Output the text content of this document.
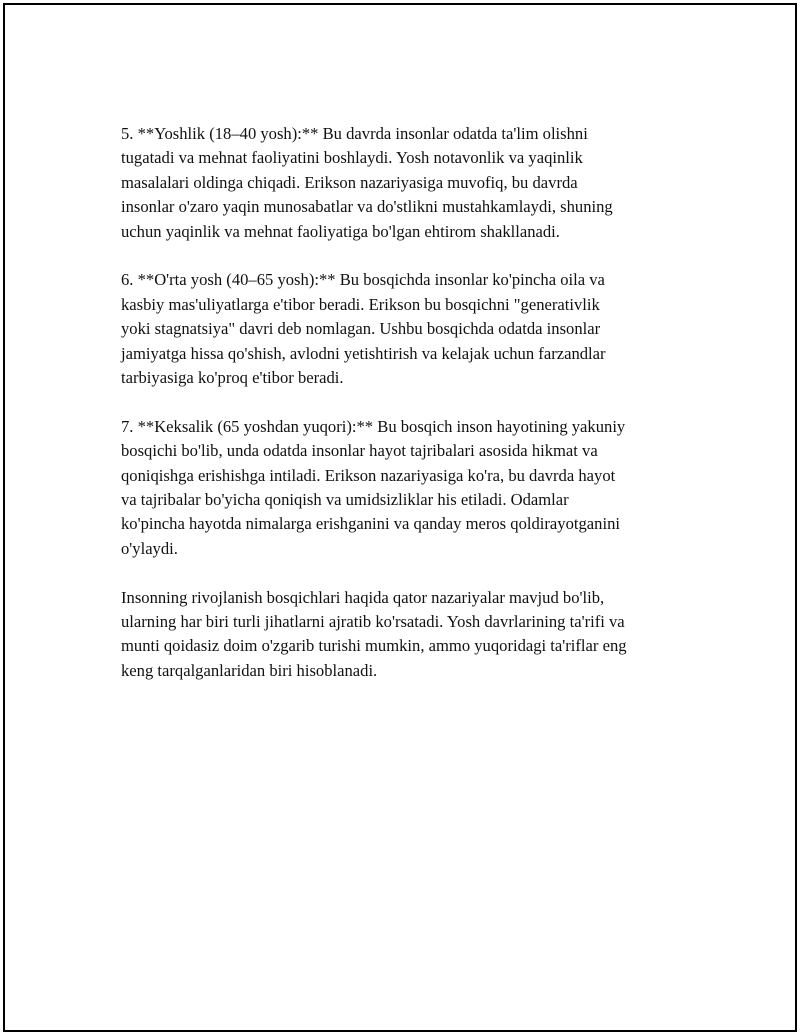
5. **Yoshlik (18–40 yosh):** Bu davrda insonlar odatda ta'lim olishni
tugatadi va mehnat faoliyatini boshlaydi. Yosh notavonlik va yaqinlik
masalalari oldinga chiqadi. Erikson nazariyasiga muvofiq, bu davrda
insonlar o'zaro yaqin munosabatlar va do'stlikni mustahkamlaydi, shuning
uchun yaqinlik va mehnat faoliyatiga bo'lgan ehtirom shakllanadi.

6. **O'rta yosh (40–65 yosh):** Bu bosqichda insonlar ko'pincha oila va
kasbiy mas'uliyatlarga e'tibor beradi. Erikson bu bosqichni "generativlik
yoki stagnatsiya" davri deb nomlagan. Ushbu bosqichda odatda insonlar
jamiyatga hissa qo'shish, avlodni yetishtirish va kelajak uchun farzandlar
tarbiyasiga ko'proq e'tibor beradi.

7. **Keksalik (65 yoshdan yuqori):** Bu bosqich inson hayotining yakuniy
bosqichi bo'lib, unda odatda insonlar hayot tajribalari asosida hikmat va
qoniqishga erishishga intiladi. Erikson nazariyasiga ko'ra, bu davrda hayot
va tajribalar bo'yicha qoniqish va umidsizliklar his etiladi. Odamlar
ko'pincha hayotda nimalarga erishganini va qanday meros qoldirayotganini
o'ylaydi.

Insonning rivojlanish bosqichlari haqida qator nazariyalar mavjud bo'lib,
ularning har biri turli jihatlarni ajratib ko'rsatadi. Yosh davrlarining ta'rifi va
munti qoidasiz doim o'zgarib turishi mumkin, ammo yuqoridagi ta'riflar eng
keng tarqalganlaridan biri hisoblanadi.
